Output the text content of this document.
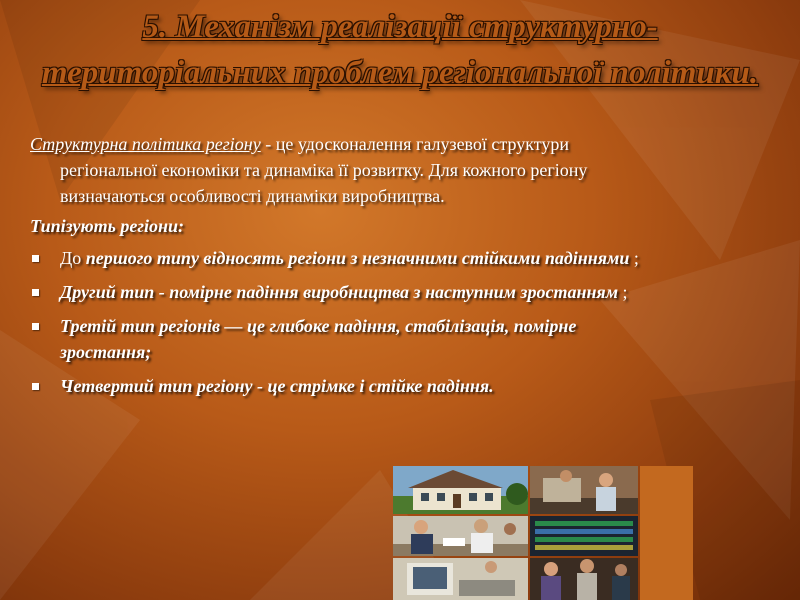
5. Механізм реалізації структурно-територіальних проблем регіональної політики.

Структурна політика регіону - це удосконалення галузевої структури регіональної економіки та динаміка її розвитку. Для кожного регіону визначаються особливості динаміки виробництва.

Типізують регіони:

До першого типу відносять регіони з незначними стійкими падіннями ;
Другий тип - помірне падіння виробництва з наступним зростанням ;
Третій тип регіонів — це глибоке падіння, стабілізація, помірне зростання;
Четвертий тип регіону - це стрімке і стійке падіння.
